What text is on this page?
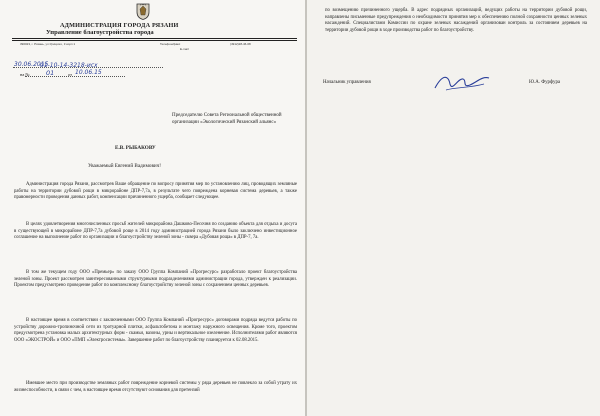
АДМИНИСТРАЦИЯ ГОРОДА РЯЗАНИ
Управление благоустройства города
390023, г. Рязань, ул.Урицкого, 3 корп 1	Телефон/факс	(4912)28-46-68
E-mail
30.06.2015
01-10-14-3218-исх
на №	01	от 10.06.15
Председателю Совета Региональной общественной организации «Экологический Рязанский альянс»
Е.В. РЫБАКОВУ
Уважаемый Евгений Вадимович!
Администрация города Рязани, рассмотрев Ваше обращение по вопросу принятия мер по установлению лиц, проводящих земляные работы на территории дубовой рощи в микрорайоне ДПР-7,7а, в результате чего повреждена корневая система деревьев, а также правомерности проведения данных работ, компенсации причиненного ущерба, сообщает следующее.
В целях удовлетворения многочисленных просьб жителей микрорайона Дашково-Песочня по созданию объекта для отдыха и досуга в существующей в микрорайоне ДПР-7,7а дубовой роще в 2014 году администрацией города Рязани было заключено инвестиционное соглашение на выполнение работ по организации и благоустройству зеленой зоны - сквера «Дубовая роща» в ДПР-7, 7а.
В том же текущем году ООО «Премьер» по заказу ООО Группа Компаний «Прогресурс» разработало проект благоустройства зеленой зоны. Проект рассмотрен заинтересованными структурными подразделениями администрации города, утвержден к реализации. Проектом предусмотрено проведение работ по комплексному благоустройству зеленой зоны с сохранением ценных деревьев.
В настоящее время в соответствии с заключенными ООО Группа Компаний «Прогресурс» договорами подряда ведутся работы по устройству дорожно-тропиночной сети из тротуарной плитки, асфальтобетона и монтажу наружного освещения. Кроме того, проектом предусмотрена установка малых архитектурных форм - скамьи, вазоны, урны и вертикальное озеленение. Исполнителями работ являются ООО «ЭКОСТРОЙ» и ООО «ПМП «Электросистемы». Завершение работ по благоустройству планируется к 02.08.2015.
Имевшее место при производстве земляных работ повреждение корневой системы у ряда деревьев не повлекло за собой утрату их жизнеспособности, в связи с чем, в настоящее время отсутствуют основания для претензий
по возмещению причиненного ущерба. В адрес подрядных организаций, ведущих работы на территории дубовой рощи, направлены письменные предупреждения о необходимости принятия мер к обеспечению полной сохранности ценных зеленых насаждений. Специалистами Комиссии по охране зеленых насаждений организован контроль за состоянием деревьев на территории дубовой рощи в ходе производства работ по благоустройству.
Начальник управления	Ю.А. Фурфура
